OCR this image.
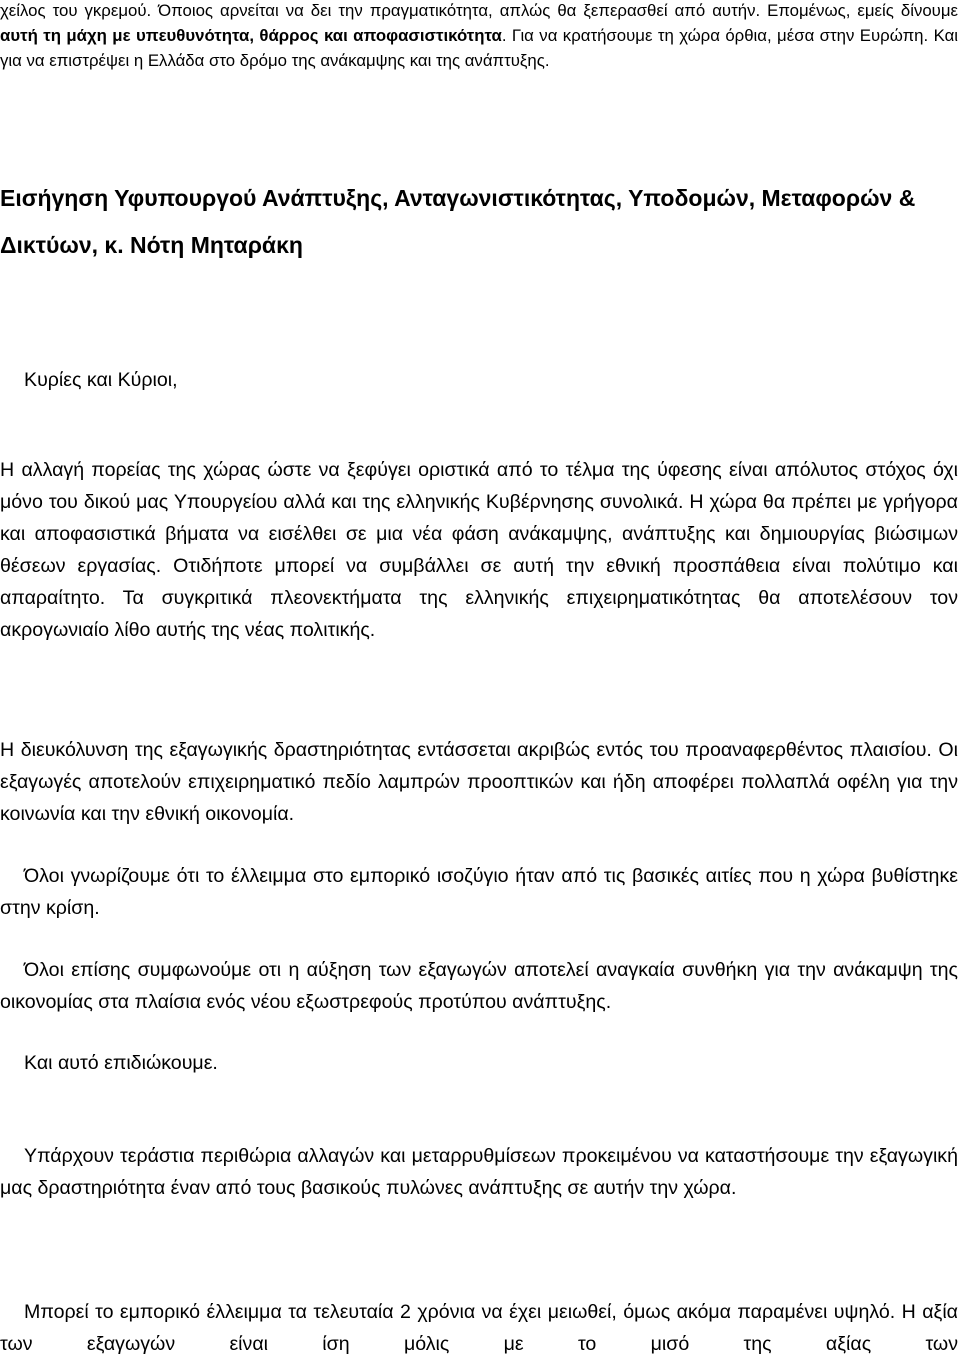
χείλος του γκρεμού. Όποιος αρνείται να δει την πραγματικότητα, απλώς θα ξεπερασθεί από αυτήν. Επομένως, εμείς δίνουμε αυτή τη μάχη με υπευθυνότητα, θάρρος και αποφασιστικότητα. Για να κρατήσουμε τη χώρα όρθια, μέσα στην Ευρώπη. Και για να επιστρέψει η Ελλάδα στο δρόμο της ανάκαμψης και της ανάπτυξης.

Εισήγηση Υφυπουργού Ανάπτυξης, Ανταγωνιστικότητας, Υποδομών, Μεταφορών & Δικτύων, κ. Νότη Μηταράκη

Κυρίες και Κύριοι,

Η αλλαγή πορείας της χώρας ώστε να ξεφύγει οριστικά από το τέλμα της ύφεσης είναι απόλυτος στόχος όχι μόνο του δικού μας Υπουργείου αλλά και της ελληνικής Κυβέρνησης συνολικά. Η χώρα θα πρέπει με γρήγορα και αποφασιστικά βήματα να εισέλθει σε μια νέα φάση ανάκαμψης, ανάπτυξης και δημιουργίας βιώσιμων θέσεων εργασίας. Οτιδήποτε μπορεί να συμβάλλει σε αυτή την εθνική προσπάθεια είναι πολύτιμο και απαραίτητο. Τα συγκριτικά πλεονεκτήματα της ελληνικής επιχειρηματικότητας θα αποτελέσουν τον ακρογωνιαίο λίθο αυτής της νέας πολιτικής.

Η διευκόλυνση της εξαγωγικής δραστηριότητας εντάσσεται ακριβώς εντός του προαναφερθέντος πλαισίου. Οι εξαγωγές αποτελούν επιχειρηματικό πεδίο λαμπρών προοπτικών και ήδη αποφέρει πολλαπλά οφέλη για την κοινωνία και την εθνική οικονομία.

Όλοι γνωρίζουμε ότι το έλλειμμα στο εμπορικό ισοζύγιο ήταν από τις βασικές αιτίες που η χώρα βυθίστηκε στην κρίση.

Όλοι επίσης συμφωνούμε οτι η αύξηση των εξαγωγών αποτελεί αναγκαία συνθήκη για την ανάκαμψη της οικονομίας στα πλαίσια ενός νέου εξωστρεφούς προτύπου ανάπτυξης.

Και αυτό επιδιώκουμε.

Υπάρχουν τεράστια περιθώρια αλλαγών και μεταρρυθμίσεων προκειμένου να καταστήσουμε την εξαγωγική μας δραστηριότητα έναν από τους βασικούς πυλώνες ανάπτυξης σε αυτήν την χώρα.

Μπορεί το εμπορικό έλλειμμα τα τελευταία 2 χρόνια να έχει μειωθεί, όμως ακόμα παραμένει υψηλό. Η αξία των εξαγωγών είναι ίση μόλις με το μισό της αξίας των
